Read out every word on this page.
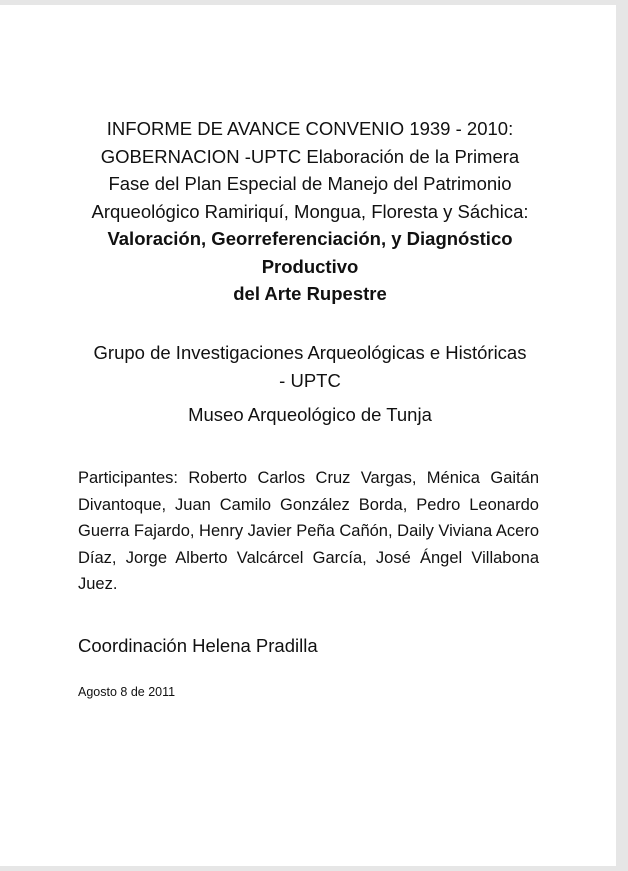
INFORME DE AVANCE CONVENIO 1939 - 2010:
GOBERNACION -UPTC Elaboración de la Primera
Fase del Plan Especial de Manejo del Patrimonio
Arqueológico Ramiriquí, Mongua, Floresta y Sáchica:
Valoración, Georreferenciación, y Diagnóstico
Productivo
del Arte Rupestre
Grupo de Investigaciones Arqueológicas e Históricas
- UPTC
Museo Arqueológico de Tunja
Participantes: Roberto Carlos Cruz Vargas, Ménica Gaitán Divantoque, Juan Camilo González Borda, Pedro Leonardo Guerra Fajardo, Henry Javier Peña Cañón, Daily Viviana Acero Díaz, Jorge Alberto Valcárcel García, José Ángel Villabona Juez.
Coordinación Helena Pradilla
Agosto 8 de 2011
